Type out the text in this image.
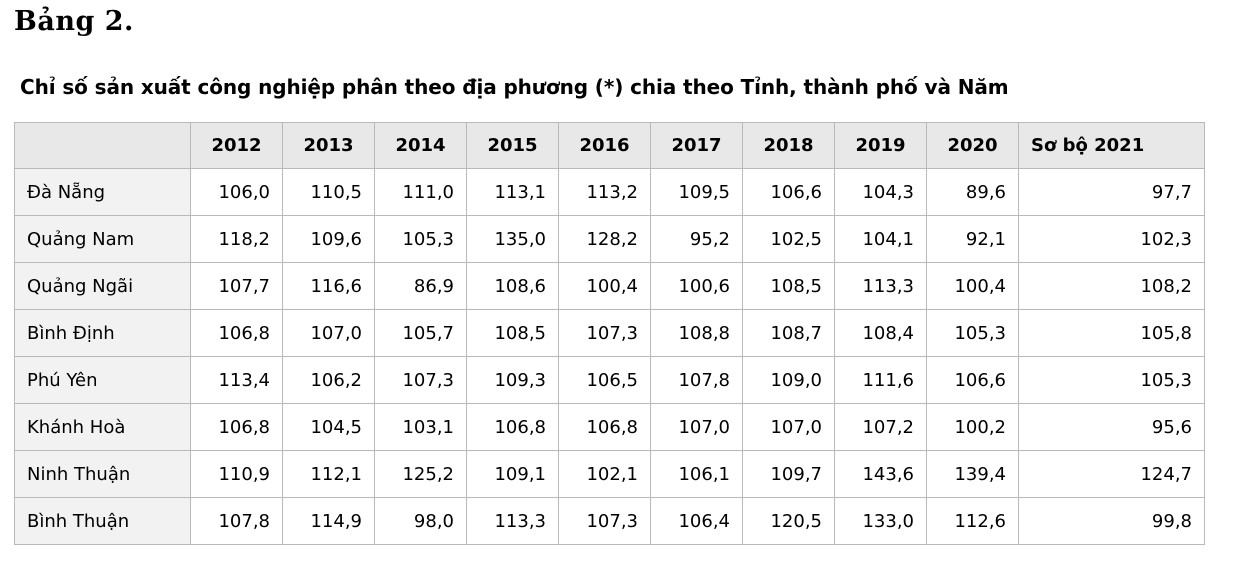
Bảng 2.
Chỉ số sản xuất công nghiệp phân theo địa phương (*) chia theo Tỉnh, thành phố và Năm
	2012	2013	2014	2015	2016	2017	2018	2019	2020	Sơ bộ 2021
Đà Nẵng	106,0	110,5	111,0	113,1	113,2	109,5	106,6	104,3	89,6	97,7
Quảng Nam	118,2	109,6	105,3	135,0	128,2	95,2	102,5	104,1	92,1	102,3
Quảng Ngãi	107,7	116,6	86,9	108,6	100,4	100,6	108,5	113,3	100,4	108,2
Bình Định	106,8	107,0	105,7	108,5	107,3	108,8	108,7	108,4	105,3	105,8
Phú Yên	113,4	106,2	107,3	109,3	106,5	107,8	109,0	111,6	106,6	105,3
Khánh Hoà	106,8	104,5	103,1	106,8	106,8	107,0	107,0	107,2	100,2	95,6
Ninh Thuận	110,9	112,1	125,2	109,1	102,1	106,1	109,7	143,6	139,4	124,7
Bình Thuận	107,8	114,9	98,0	113,3	107,3	106,4	120,5	133,0	112,6	99,8
